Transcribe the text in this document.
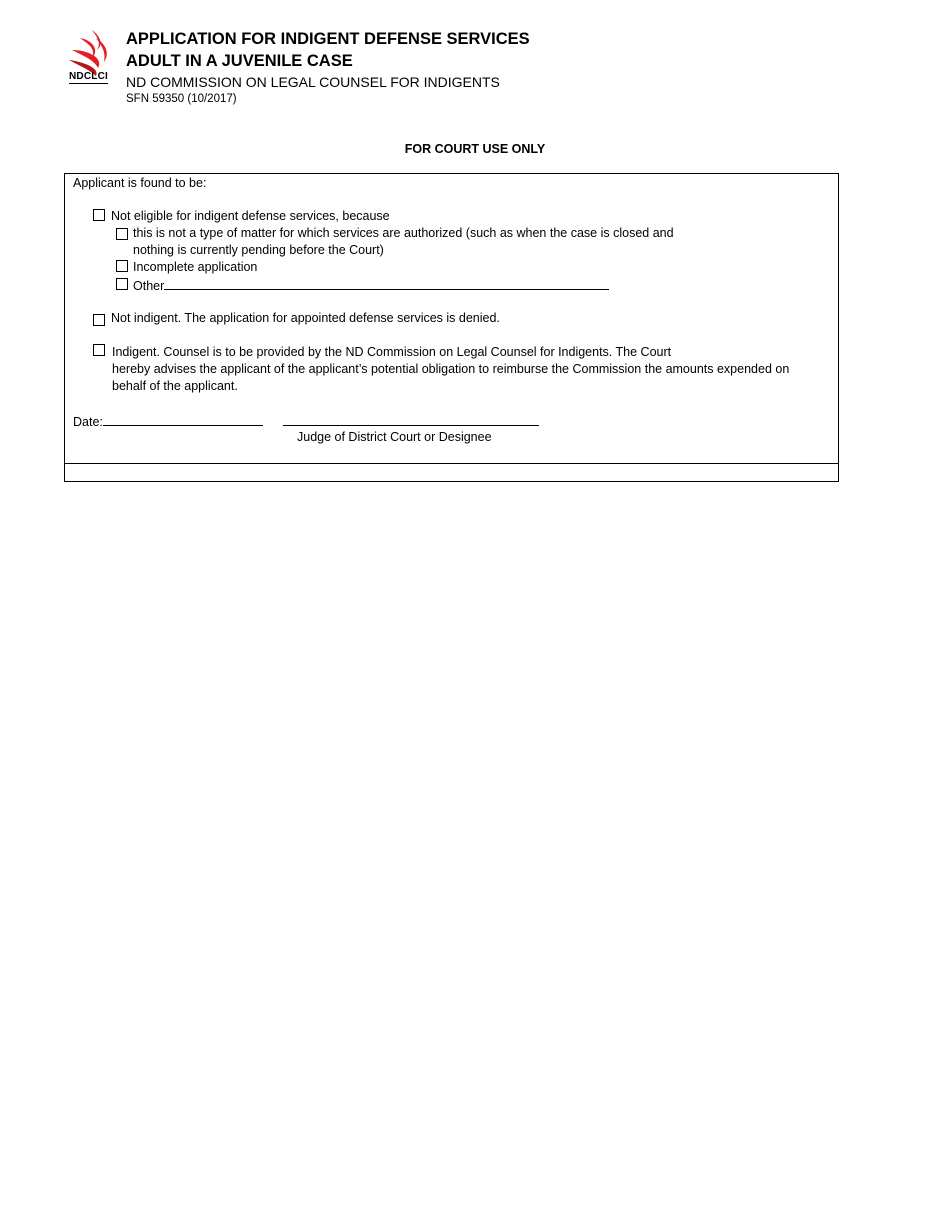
NDCLCI
APPLICATION FOR INDIGENT DEFENSE SERVICES
ADULT IN A JUVENILE CASE
ND COMMISSION ON LEGAL COUNSEL FOR INDIGENTS
SFN 59350 (10/2017)
FOR COURT USE ONLY
Applicant is found to be:
Not eligible for indigent defense services, because
this is not a type of matter for which services are authorized (such as when the case is closed and
nothing is currently pending before the Court)
Incomplete application
Other
Not indigent. The application for appointed defense services is denied.
Indigent. Counsel is to be provided by the ND Commission on Legal Counsel for Indigents. The Court
hereby advises the applicant of the applicant’s potential obligation to reimburse the Commission the amounts expended on
behalf of the applicant.
Date:
Judge of District Court or Designee
